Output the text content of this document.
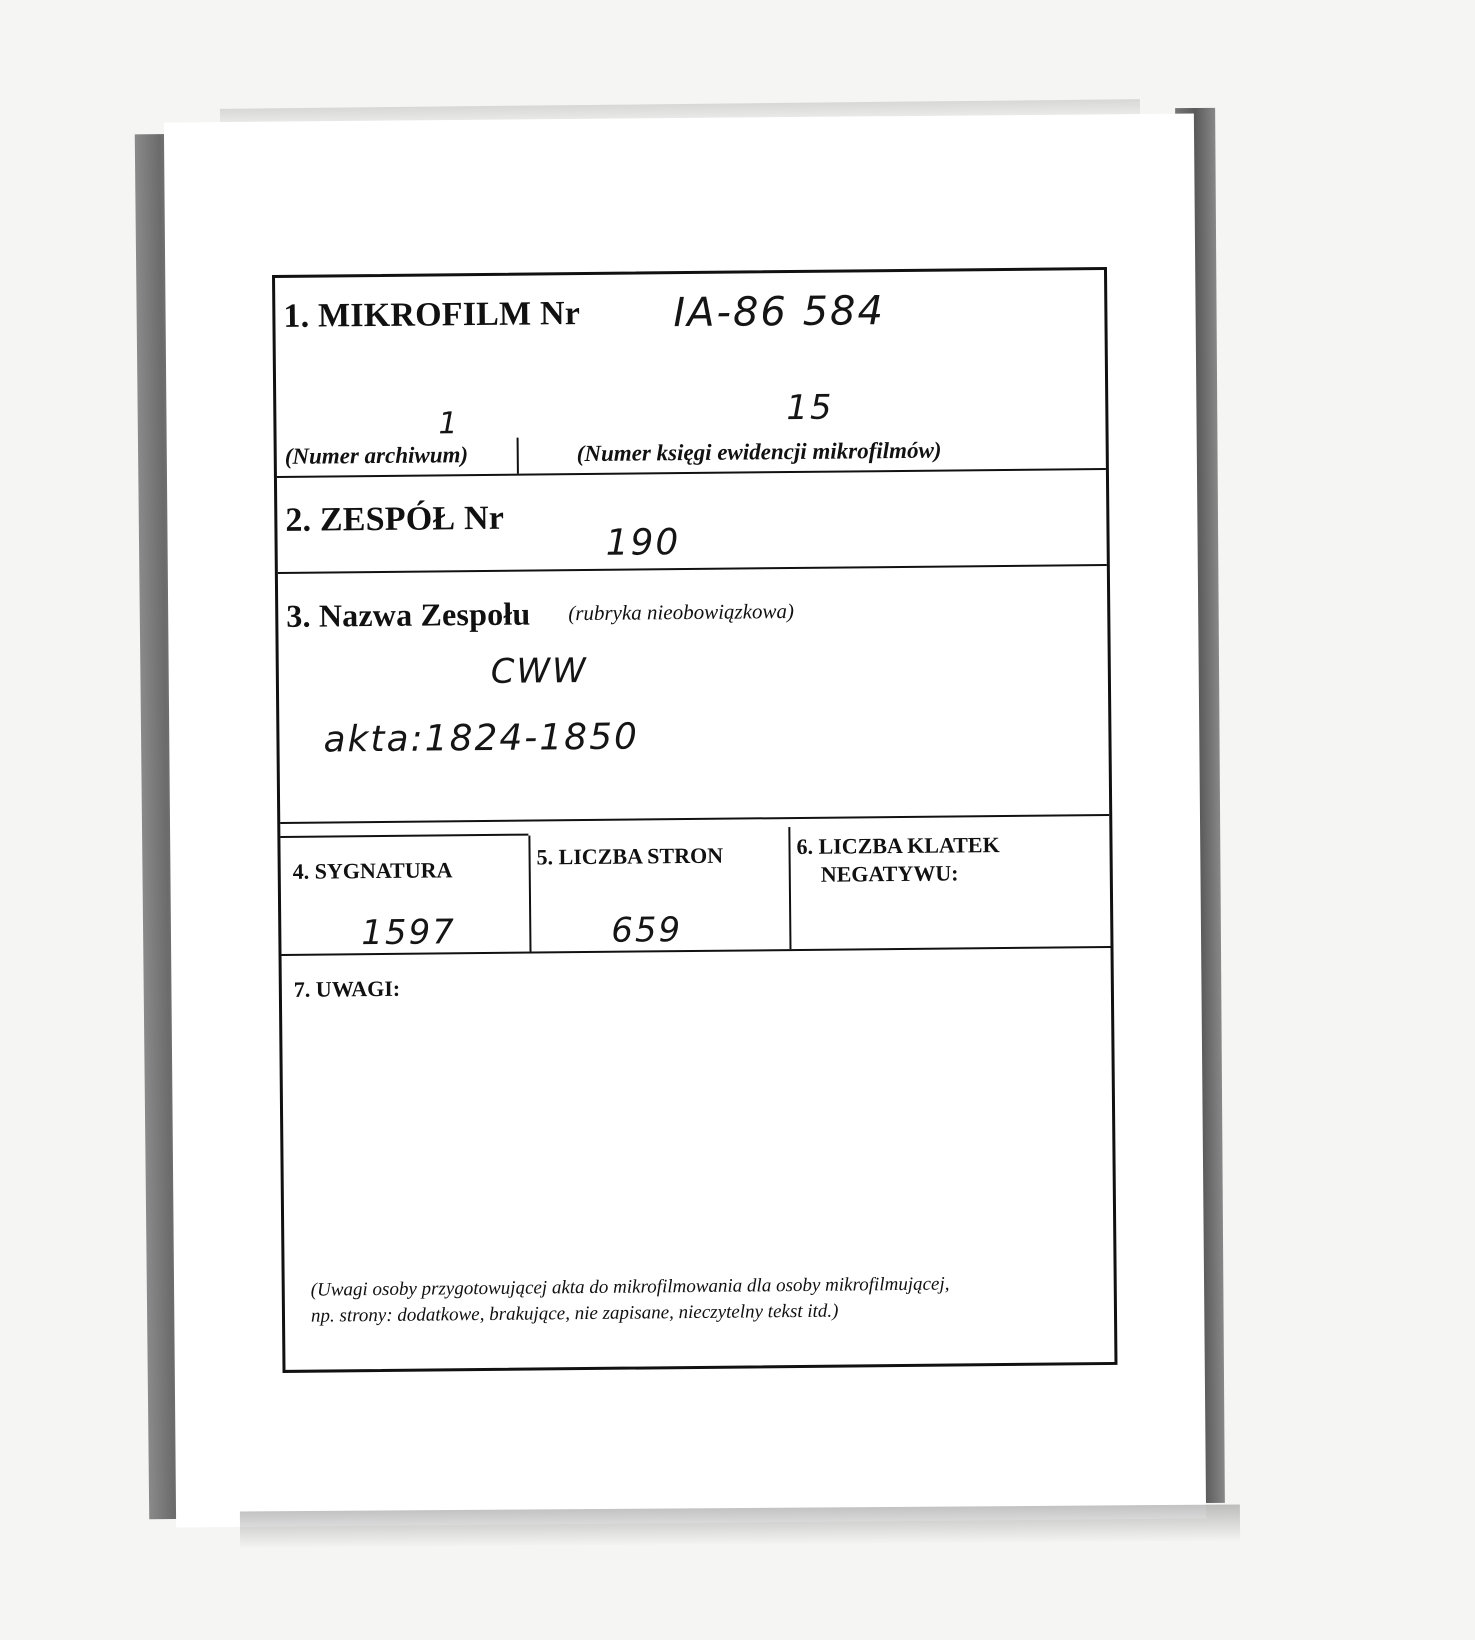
1. MIKROFILM Nr IA-86 584
1	15
(Numer archiwum)	(Numer księgi ewidencji mikrofilmów)
2. ZESPÓŁ Nr
190
3. Nazwa Zespołu (rubryka nieobowiązkowa)
CWW
akta:1824-1850
4. SYGNATURA
1597
5. LICZBA STRON
659
6. LICZBA KLATEK
NEGATYWU:
7. UWAGI:
(Uwagi osoby przygotowującej akta do mikrofilmowania dla osoby mikrofilmującej,
np. strony: dodatkowe, brakujące, nie zapisane, nieczytelny tekst itd.)
